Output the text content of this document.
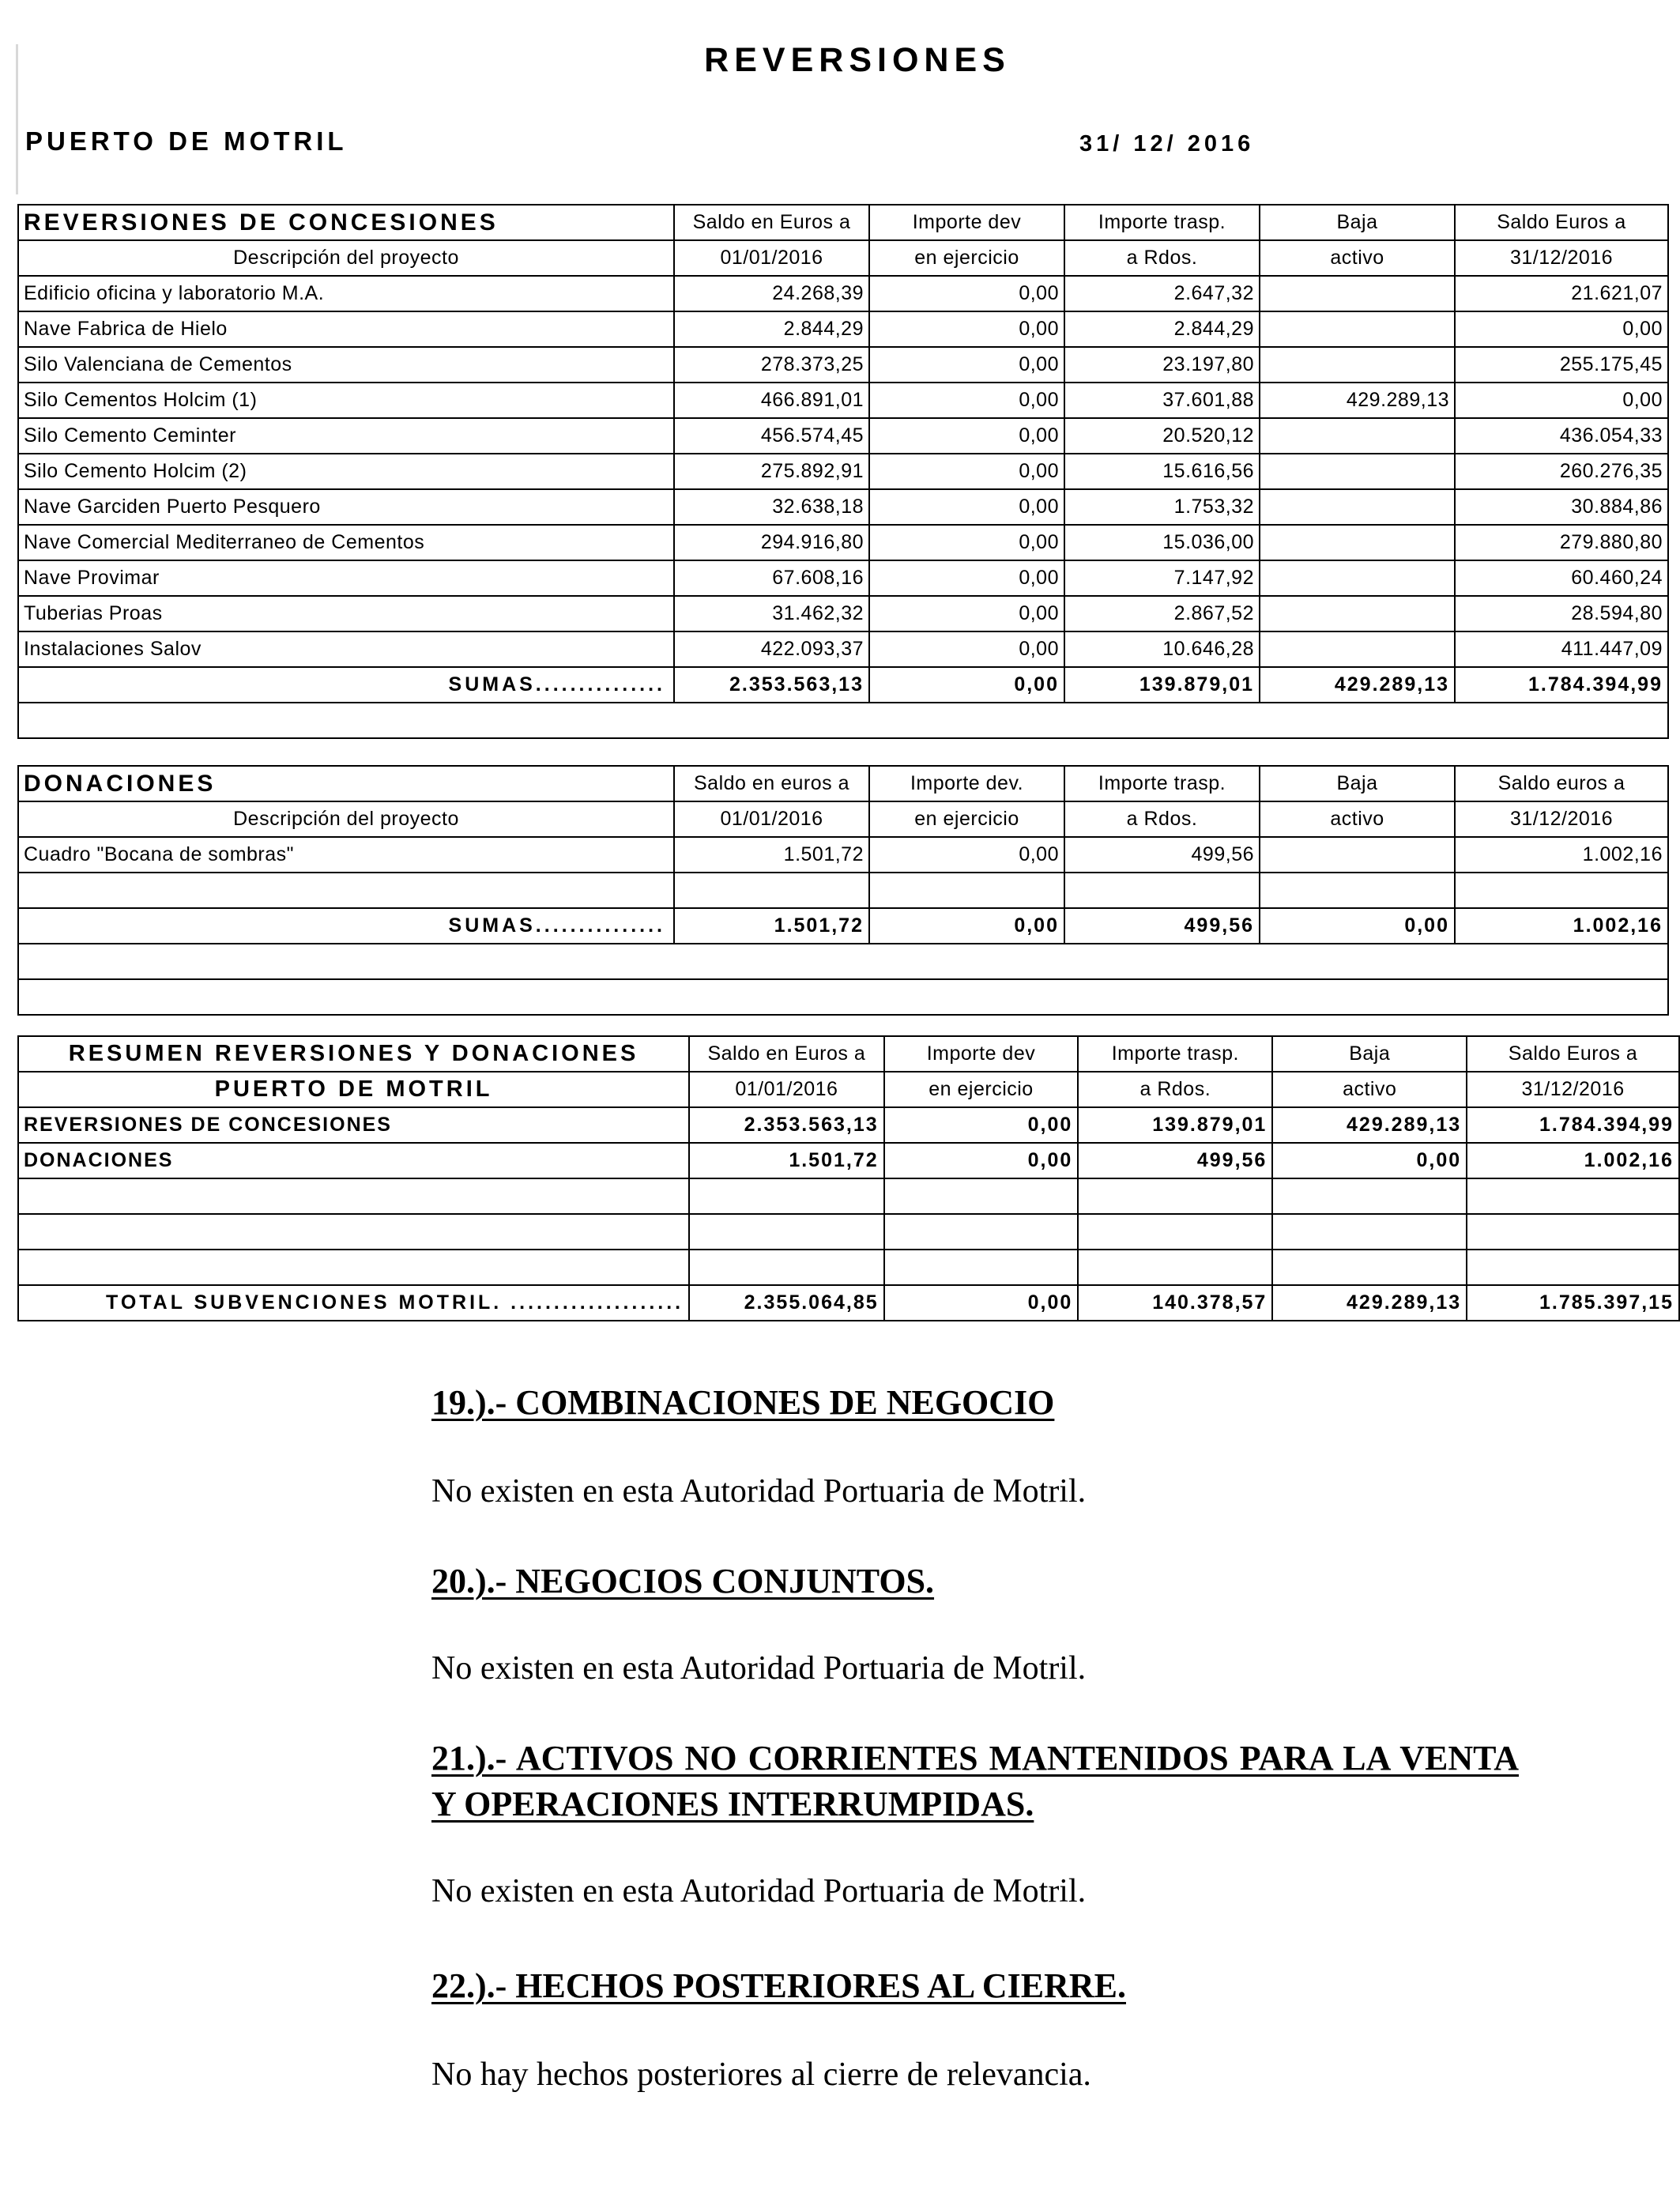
REVERSIONES
PUERTO DE MOTRIL	31/ 12/ 2016
REVERSIONES DE CONCESIONES	Saldo en Euros a	Importe dev	Importe trasp.	Baja	Saldo Euros a
Descripción del proyecto	01/01/2016	en ejercicio	a Rdos.	activo	31/12/2016
Edificio oficina y laboratorio M.A.	24.268,39	0,00	2.647,32		21.621,07
Nave Fabrica de Hielo	2.844,29	0,00	2.844,29		0,00
Silo Valenciana de Cementos	278.373,25	0,00	23.197,80		255.175,45
Silo Cementos Holcim (1)	466.891,01	0,00	37.601,88	429.289,13	0,00
Silo Cemento Ceminter	456.574,45	0,00	20.520,12		436.054,33
Silo Cemento Holcim (2)	275.892,91	0,00	15.616,56		260.276,35
Nave Garciden Puerto Pesquero	32.638,18	0,00	1.753,32		30.884,86
Nave Comercial Mediterraneo de Cementos	294.916,80	0,00	15.036,00		279.880,80
Nave Provimar	67.608,16	0,00	7.147,92		60.460,24
Tuberias Proas	31.462,32	0,00	2.867,52		28.594,80
Instalaciones Salov	422.093,37	0,00	10.646,28		411.447,09
SUMAS...............	2.353.563,13	0,00	139.879,01	429.289,13	1.784.394,99

DONACIONES	Saldo en euros a	Importe dev.	Importe trasp.	Baja	Saldo euros a
Descripción del proyecto	01/01/2016	en ejercicio	a Rdos.	activo	31/12/2016
Cuadro "Bocana de sombras"	1.501,72	0,00	499,56		1.002,16

SUMAS...............	1.501,72	0,00	499,56	0,00	1.002,16

RESUMEN REVERSIONES Y DONACIONES	Saldo en Euros a	Importe dev	Importe trasp.	Baja	Saldo Euros a
PUERTO DE MOTRIL	01/01/2016	en ejercicio	a Rdos.	activo	31/12/2016
REVERSIONES DE CONCESIONES	2.353.563,13	0,00	139.879,01	429.289,13	1.784.394,99
DONACIONES	1.501,72	0,00	499,56	0,00	1.002,16

TOTAL SUBVENCIONES MOTRIL. ....................	2.355.064,85	0,00	140.378,57	429.289,13	1.785.397,15

19.).- COMBINACIONES DE NEGOCIO

No existen en esta Autoridad Portuaria de Motril.

20.).- NEGOCIOS CONJUNTOS.

No existen en esta Autoridad Portuaria de Motril.

21.).- ACTIVOS NO CORRIENTES MANTENIDOS PARA LA VENTA Y OPERACIONES INTERRUMPIDAS.

No existen en esta Autoridad Portuaria de Motril.

22.).- HECHOS POSTERIORES AL CIERRE.

No hay hechos posteriores al cierre de relevancia.
